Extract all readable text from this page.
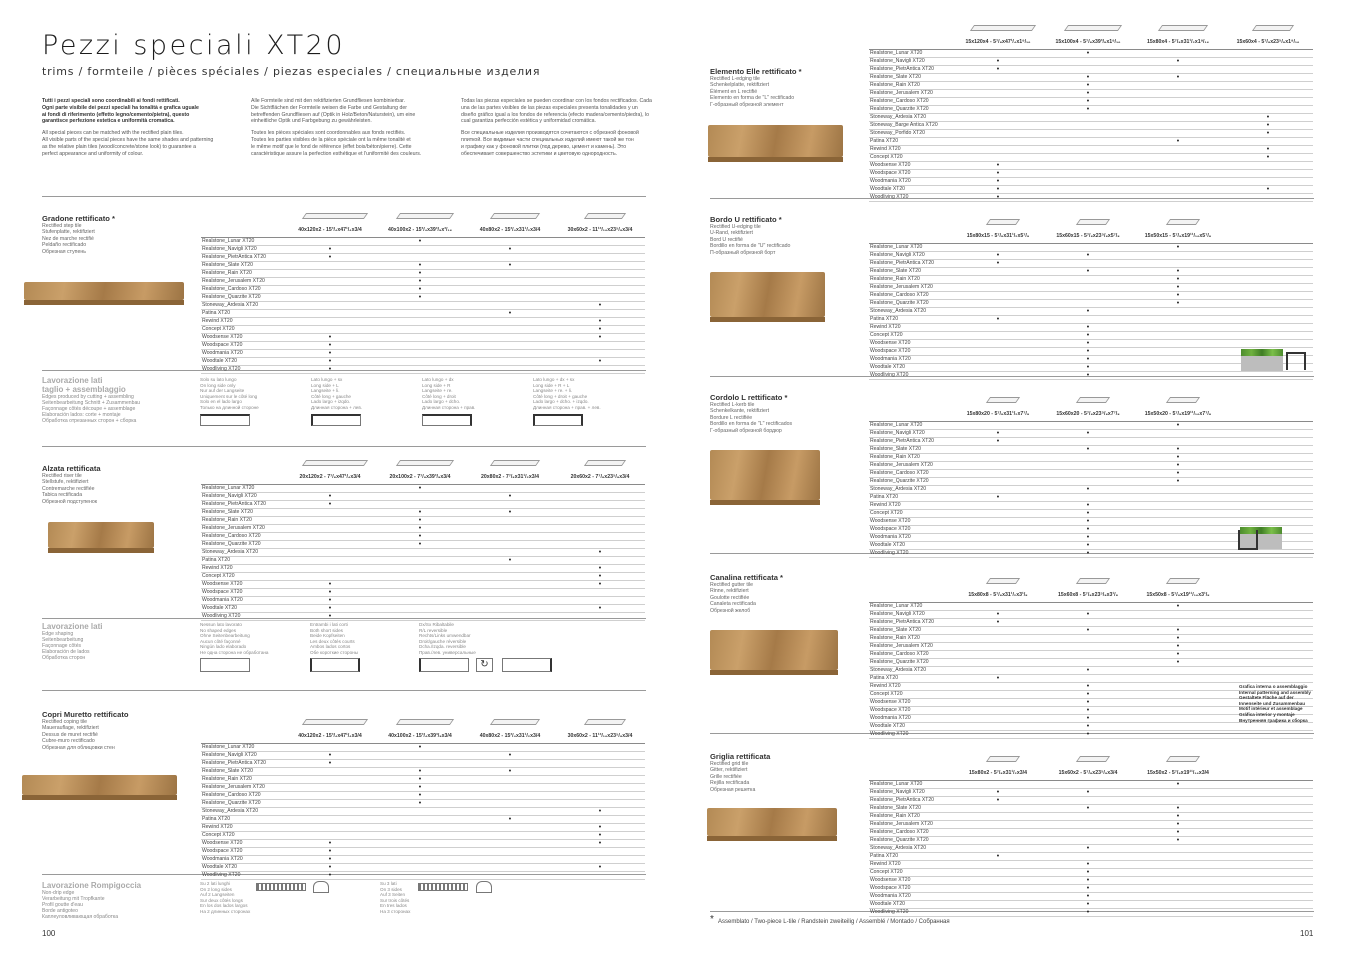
Pezzi speciali XT20
trims / formteile / pièces spéciales / piezas especiales / специальные изделия
Tutti i pezzi speciali sono coordinabili ai fondi rettificati.
Ogni parte visibile dei pezzi speciali ha tonalità e grafica uguale
ai fondi di riferimento (effetto legno/cemento/pietra), questo
garantisce perfezione estetica e uniformità cromatica.
All special pieces can be matched with the rectified plain tiles.
All visible parts of the special pieces have the same shades and patterning
as the relative plain tiles (wood/concrete/stone look) to guarantee a
perfect appearance and uniformity of colour.
Alle Formteile sind mit den rektifizierten Grundfliesen kombinierbar.
Die Sichtflächen der Formteile weisen die Farbe und Gestaltung der
betreffenden Grundfliesen auf (Optik in Holz/Beton/Naturstein), um eine
einheitliche Optik und Farbgebung zu gewährleisten.
Toutes les pièces spéciales sont coordonnables aux fonds rectifiés.
Toutes les parties visibles de la pièce spéciale ont la même tonalité et
le même motif que le fond de référence (effet bois/béton/pierre). Cette
caractéristique assure la perfection esthétique et l'uniformité des couleurs.
Todas las piezas especiales se pueden coordinar con los fondos rectificados. Cada
una de las partes visibles de las piezas especiales presenta tonalidades y un
diseño gráfico igual a los fondos de referencia (efecto madera/cemento/piedra), lo
cual garantiza perfección estética y uniformidad cromática.
Все специальные изделия производятся сочетаются с обрезной фоновой
плиткой. Все видимые части специальных изделий имеют такой же тон
и графику как у фоновой плитки (под дерево, цемент и камень). Это
обеспечивает совершенство эстетики и цветовую однородность.
Gradone rettificato *
Rectified step tile
Stufenplatte, rektifiziert
Nez de marche rectifié
Peldaño rectificado
Обрезная ступень
40x120x2 - 15³/₄x47¹/₄x3/4	40x100x2 - 15³/₄x39³/₈x³/₁₆	40x80x2 - 15³/₄x31¹/₂x3/4	30x60x2 - 11¹³/₁₆x23⁵/₈x3/4
Realstone_Lunar XT20		•			
Realstone_Navigli XT20	•		•		
Realstone_PietrAntica XT20	•				
Realstone_Slate XT20		•	•		
Realstone_Rain XT20		•			
Realstone_Jerusalem XT20		•			
Realstone_Cardoso XT20		•			
Realstone_Quarzite XT20		•			
Stoneway_Ardesia XT20				•	
Patina XT20			•		
Rewind XT20				•	
Concept XT20				•	
Woodsense XT20	•			•	
Woodspace XT20	•				
Woodmania XT20	•				
Woodtale XT20	•			•	
Woodliving XT20	•				
Alzata rettificata
Rectified riser tile
Stellstufe, rektifiziert
Contremarche rectifiée
Tabica rectificada
Обрезной подступенок
20x120x2 - 7⁷/₈x47¹/₄x3/4	20x100x2 - 7⁷/₈x39³/₈x3/4	20x80x2 - 7⁷/₈x31¹/₂x3/4	20x60x2 - 7⁷/₈x23⁵/₈x3/4
Realstone_Lunar XT20		•			
Realstone_Navigli XT20	•		•		
Realstone_PietrAntica XT20	•				
Realstone_Slate XT20		•	•		
Realstone_Rain XT20		•			
Realstone_Jerusalem XT20		•			
Realstone_Cardoso XT20		•			
Realstone_Quarzite XT20		•			
Stoneway_Ardesia XT20				•	
Patina XT20			•		
Rewind XT20				•	
Concept XT20				•	
Woodsense XT20	•			•	
Woodspace XT20	•				
Woodmania XT20	•				
Woodtale XT20	•			•	
Woodliving XT20	•				
Copri Muretto rettificato
Rectified coping tile
Mauerauflage, rektifiziert
Dessus de muret rectifié
Cubre-muro rectificado
Обрезная для облицовки стен
40x120x2 - 15³/₄x47¹/₄x3/4	40x100x2 - 15³/₄x39³/₈x3/4	40x80x2 - 15³/₄x31¹/₂x3/4	30x60x2 - 11¹³/₁₆x23⁵/₈x3/4
Realstone_Lunar XT20		•			
Realstone_Navigli XT20	•		•		
Realstone_PietrAntica XT20	•				
Realstone_Slate XT20		•	•		
Realstone_Rain XT20		•			
Realstone_Jerusalem XT20		•			
Realstone_Cardoso XT20		•			
Realstone_Quarzite XT20		•			
Stoneway_Ardesia XT20				•	
Patina XT20			•		
Rewind XT20				•	
Concept XT20				•	
Woodsense XT20	•			•	
Woodspace XT20	•				
Woodmania XT20	•				
Woodtale XT20	•			•	
Woodliving XT20	•				
Elemento Elle rettificato *
Rectified L-edging tile
Schenkelplatte, rektifiziert
Élément en L rectifié
Elemento en forma de "L" rectificado
Г-образный обрезной элемент
15x120x4 - 5⁷/₈x47¹/₄x1⁹/₁₆	15x100x4 - 5⁷/₈x39³/₈x1⁹/₁₆	15x80x4 - 5⁷/₈x31¹/₂x1⁹/₁₆	15x60x4 - 5⁷/₈x23⁵/₈x1⁹/₁₆
Realstone_Lunar XT20		•			
Realstone_Navigli XT20	•		•		
Realstone_PietrAntica XT20	•				
Realstone_Slate XT20		•	•		
Realstone_Rain XT20		•			
Realstone_Jerusalem XT20		•			
Realstone_Cardoso XT20		•			
Realstone_Quarzite XT20		•			
Stoneway_Ardesia XT20				•	
Stoneway_Barge Antica XT20				•	
Stoneway_Porfido XT20				•	
Patina XT20			•		
Rewind XT20				•	
Concept XT20				•	
Woodsense XT20	•				
Woodspace XT20	•				
Woodmania XT20	•				
Woodtale XT20	•			•	
Woodliving XT20	•				
Bordo U rettificato *
Rectified U-edging tile
U-Rand, rektifiziert
Bord U rectifié
Bordillo en forma de "U" rectificado
П-образный обрезной борт
15x80x15 - 5⁷/₈x31¹/₂x5⁷/₈	15x60x15 - 5⁷/₈x23⁵/₈x5⁷/₈	15x50x15 - 5⁷/₈x19¹¹/₁₆x5⁷/₈
Realstone_Lunar XT20			•	
Realstone_Navigli XT20	•	•		
Realstone_PietrAntica XT20	•			
Realstone_Slate XT20		•	•	
Realstone_Rain XT20			•	
Realstone_Jerusalem XT20			•	
Realstone_Cardoso XT20			•	
Realstone_Quarzite XT20			•	
Stoneway_Ardesia XT20		•		
Patina XT20	•			
Rewind XT20		•		
Concept XT20		•		
Woodsense XT20		•		
Woodspace XT20		•		
Woodmania XT20		•		
Woodtale XT20		•		
Woodliving XT20		•		
Cordolo L rettificato *
Rectified L-kerb tile
Schenkelkante, rektifiziert
Bordure L rectifiée
Bordillo en forma de "L" rectificados
Г-образный обрезной бордюр
15x80x20 - 5⁷/₈x31¹/₂x7⁷/₈	15x60x20 - 5⁷/₈x23⁵/₈x7⁷/₈	15x50x20 - 5⁷/₈x19¹¹/₁₆x7⁷/₈
Realstone_Lunar XT20			•	
Realstone_Navigli XT20	•	•		
Realstone_PietrAntica XT20	•			
Realstone_Slate XT20		•	•	
Realstone_Rain XT20			•	
Realstone_Jerusalem XT20			•	
Realstone_Cardoso XT20			•	
Realstone_Quarzite XT20			•	
Stoneway_Ardesia XT20		•		
Patina XT20	•			
Rewind XT20		•		
Concept XT20		•		
Woodsense XT20		•		
Woodspace XT20		•		
Woodmania XT20		•		
Woodtale XT20		•		
Woodliving XT20		•		
Canalina rettificata *
Rectified gutter tile
Rinne, rektifiziert
Goulotte rectifiée
Canaleta rectificada
Обрезной желоб
15x80x8 - 5⁷/₈x31¹/₂x3¹/₈	15x60x8 - 5⁷/₈x23⁵/₈x3¹/₈	15x50x8 - 5⁷/₈x19¹¹/₁₆x3¹/₈
Realstone_Lunar XT20			•	
Realstone_Navigli XT20	•	•		
Realstone_PietrAntica XT20	•			
Realstone_Slate XT20		•	•	
Realstone_Rain XT20			•	
Realstone_Jerusalem XT20			•	
Realstone_Cardoso XT20			•	
Realstone_Quarzite XT20			•	
Stoneway_Ardesia XT20		•		
Patina XT20	•			
Rewind XT20		•		
Concept XT20		•		
Woodsense XT20		•		
Woodspace XT20		•		
Woodmania XT20		•		
Woodtale XT20		•		
Woodliving XT20		•		
Griglia rettificata
Rectified grid tile
Gitter, rektifiziert
Grille rectifiée
Rejilla rectificada
Обрезная решетка
15x80x2 - 5⁷/₈x31¹/₂x3/4	15x60x2 - 5⁷/₈x23⁵/₈x3/4	15x50x2 - 5⁷/₈x19¹¹/₁₆x3/4
Realstone_Lunar XT20			•	
Realstone_Navigli XT20	•	•		
Realstone_PietrAntica XT20	•			
Realstone_Slate XT20		•	•	
Realstone_Rain XT20			•	
Realstone_Jerusalem XT20			•	
Realstone_Cardoso XT20			•	
Realstone_Quarzite XT20			•	
Stoneway_Ardesia XT20		•		
Patina XT20	•			
Rewind XT20		•		
Concept XT20		•		
Woodsense XT20		•		
Woodspace XT20		•		
Woodmania XT20		•		
Woodtale XT20		•		
Woodliving XT20		•		
Lavorazione lati
taglio + assemblaggio
Edges produced by cutting + assembling
Seitenbearbeitung Schnitt + Zusammenbau
Façonnage côtés découpe + assemblage
Elaboración lados: corte + montaje
Обработка отрезанных сторон + сборка
Solo su lato lungo
On long side only
Nur auf der Langseite
Uniquement sur le côté long
Solo en el lado largo
Только на длинной стороне
Lato lungo + sx
Long side + L
Langseite + li.
Côté long + gauche
Lado largo + izqdo.
Длинная сторона + лев.
Lato lungo + dx
Long side + R
Langseite + re.
Côté long + droit
Lado largo + dcho.
Длинная сторона + прав.
Lato lungo + dx + sx
Long side + R + L
Langseite + re. + li.
Côté long + droit + gauche
Lado largo + dcho. + izqdo.
Длинная сторона + прав. + лев.
Lavorazione lati
Edge shaping
Seitenbearbeitung
Façonnage côtés
Elaboración de lados
Обработка сторон
Nessun lato lavorato
No shaped edges
Ohne Seitenbearbeitung
Aucun côté façonné
Ningún lado elaborado
Не одна сторона не обработана
Entrambi i lati corti
Both short sides
Beide Kopfseiten
Les deux côtés courts
Ambos lados cortos
Обе короткие стороны
Dx/Sx Ribaltabile
R/L reversible
Rechts/Links umwendbar
Droit/gauche réversible
Dcha./Izqda. reversible
Прав./лев. универсальные
↻
Lavorazione Rompigoccia
Non-drip edge
Verarbeitung mit Tropfkante
Profil goutte d'eau
Borde antigoteo
Каплеуловливающая обработка
Su 2 lati lunghi
On 2 long sides
Auf 2 Langseiten
Sur deux côtés longs
En los dos lados largos
На 2 длинных сторонах
Su 3 lati
On 3 sides
Auf 3 Seiten
Sur trois côtés
En tres lados
На 3 сторонах
Grafica interna o assemblaggio
Internal patterning and assembly
Gestaltete Fläche auf der
Innenseite und Zusammenbau
Motif intérieur et assemblage
Gráfica interior y montaje
Внутренняя графика и сборка
* Assemblato / Two-piece L-tile / Randstein zweiteilig / Assemblé / Montado / Собранная
100	101
